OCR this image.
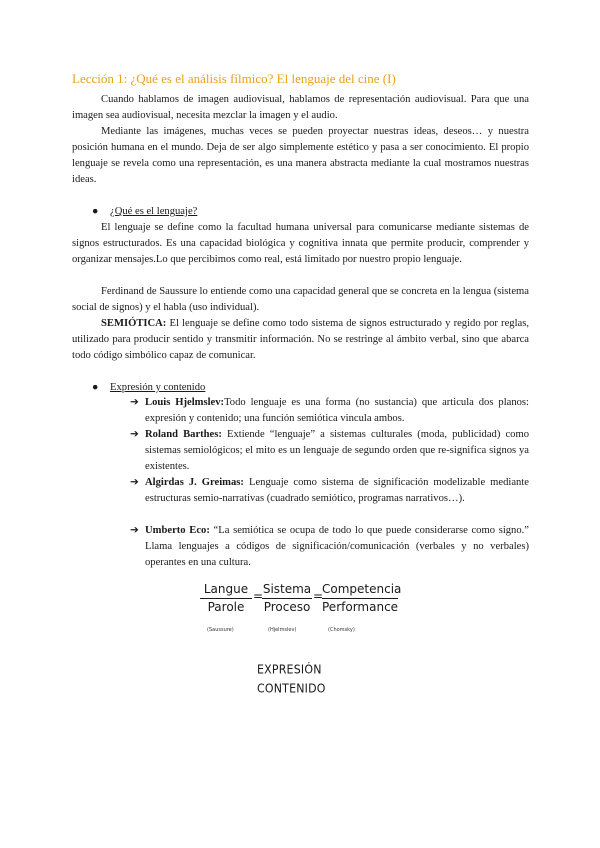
Lección 1: ¿Qué es el análisis fílmico? El lenguaje del cine (I)
Cuando hablamos de imagen audiovisual, hablamos de representación audiovisual. Para que una imagen sea audiovisual, necesita mezclar la imagen y el audio.
Mediante las imágenes, muchas veces se pueden proyectar nuestras ideas, deseos… y nuestra posición humana en el mundo. Deja de ser algo simplemente estético y pasa a ser conocimiento. El propio lenguaje se revela como una representación, es una manera abstracta mediante la cual mostramos nuestras ideas.
● ¿Qué es el lenguaje?
El lenguaje se define como la facultad humana universal para comunicarse mediante sistemas de signos estructurados. Es una capacidad biológica y cognitiva innata que permite producir, comprender y organizar mensajes.Lo que percibimos como real, está limitado por nuestro propio lenguaje.
Ferdinand de Saussure lo entiende como una capacidad general que se concreta en la lengua (sistema social de signos) y el habla (uso individual).
SEMIÓTICA: El lenguaje se define como todo sistema de signos estructurado y regido por reglas, utilizado para producir sentido y transmitir información. No se restringe al ámbito verbal, sino que abarca todo código simbólico capaz de comunicar.
● Expresión y contenido
➔ Louis Hjelmslev:Todo lenguaje es una forma (no sustancia) que articula dos planos: expresión y contenido; una función semiótica vincula ambos.
➔ Roland Barthes: Extiende “lenguaje” a sistemas culturales (moda, publicidad) como sistemas semiológicos; el mito es un lenguaje de segundo orden que re-significa signos ya existentes.
➔ Algirdas J. Greimas: Lenguaje como sistema de significación modelizable mediante estructuras semio-narrativas (cuadrado semiótico, programas narrativos…).
➔ Umberto Eco: “La semiótica se ocupa de todo lo que puede considerarse como signo.” Llama lenguajes a códigos de significación/comunicación (verbales y no verbales) operantes en una cultura.
Langue
Parole
= Sistema
Proceso
=
Competencia
Performance
(Saussure)	(Hjelmslev)	(Chomsky)
EXPRESIÓN
CONTENIDO
